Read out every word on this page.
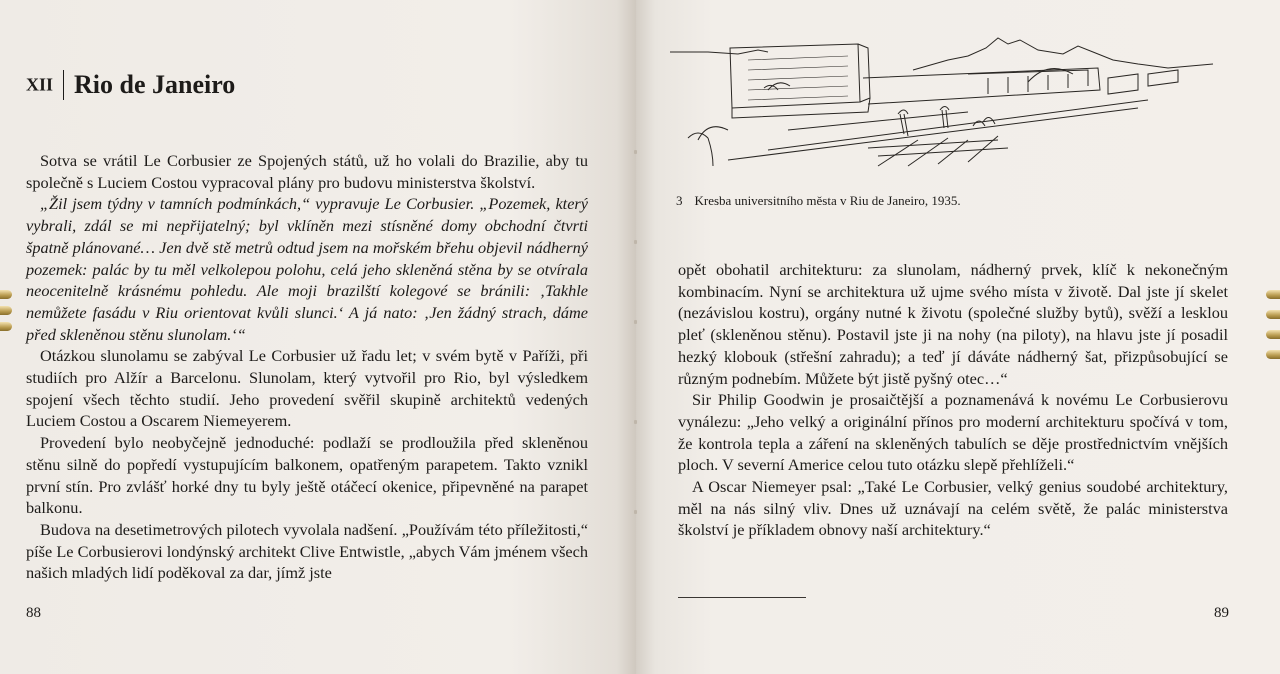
XII Rio de Janeiro

Sotva se vrátil Le Corbusier ze Spojených států, už ho volali do Brazilie, aby tu společně s Luciem Costou vypracoval plány pro budovu ministerstva školství.

„Žil jsem týdny v tamních podmínkách,“ vypravuje Le Corbusier. „Pozemek, který vybrali, zdál se mi nepřijatelný; byl vklíněn mezi stísněné domy obchodní čtvrti špatně plánované… Jen dvě stě metrů odtud jsem na mořském břehu objevil nádherný pozemek: palác by tu měl velkolepou polohu, celá jeho skleněná stěna by se otvírala neocenitelně krásnému pohledu. Ale moji brazilští kolegové se bránili: ‚Takhle nemůžete fasádu v Riu orientovat kvůli slunci.‘ A já nato: ‚Jen žádný strach, dáme před skleněnou stěnu slunolam.‘“

Otázkou slunolamu se zabýval Le Corbusier už řadu let; v svém bytě v Paříži, při studiích pro Alžír a Barcelonu. Slunolam, který vytvořil pro Rio, byl výsledkem spojení všech těchto studií. Jeho provedení svěřil skupině architektů vedených Luciem Costou a Oscarem Niemeyerem.

Provedení bylo neobyčejně jednoduché: podlaží se prodloužila před skleněnou stěnu silně do popředí vystupujícím balkonem, opatřeným parapetem. Takto vznikl první stín. Pro zvlášť horké dny tu byly ještě otáčecí okenice, připevněné na parapet balkonu.

Budova na desetimetrových pilotech vyvolala nadšení. „Používám této příležitosti,“ píše Le Corbusierovi londýnský architekt Clive Entwistle, „abych Vám jménem všech našich mladých lidí poděkoval za dar, jímž jste

88
3 Kresba universitního města v Riu de Janeiro, 1935.

opět obohatil architekturu: za slunolam, nádherný prvek, klíč k nekonečným kombinacím. Nyní se architektura už ujme svého místa v životě. Dal jste jí skelet (nezávislou kostru), orgány nutné k životu (společné služby bytů), svěží a lesklou pleť (skleněnou stěnu). Postavil jste ji na nohy (na piloty), na hlavu jste jí posadil hezký klobouk (střešní zahradu); a teď jí dáváte nádherný šat, přizpůsobující se různým podnebím. Můžete být jistě pyšný otec…“

Sir Philip Goodwin je prosaičtější a poznamenává k novému Le Corbusierovu vynálezu: „Jeho velký a originální přínos pro moderní architekturu spočívá v tom, že kontrola tepla a záření na skleněných tabulích se děje prostřednictvím vnějších ploch. V severní Americe celou tuto otázku slepě přehlíželi.“

A Oscar Niemeyer psal: „Také Le Corbusier, velký genius soudobé architektury, měl na nás silný vliv. Dnes už uznávají na celém světě, že palác ministerstva školství je příkladem obnovy naší architektury.“

89
